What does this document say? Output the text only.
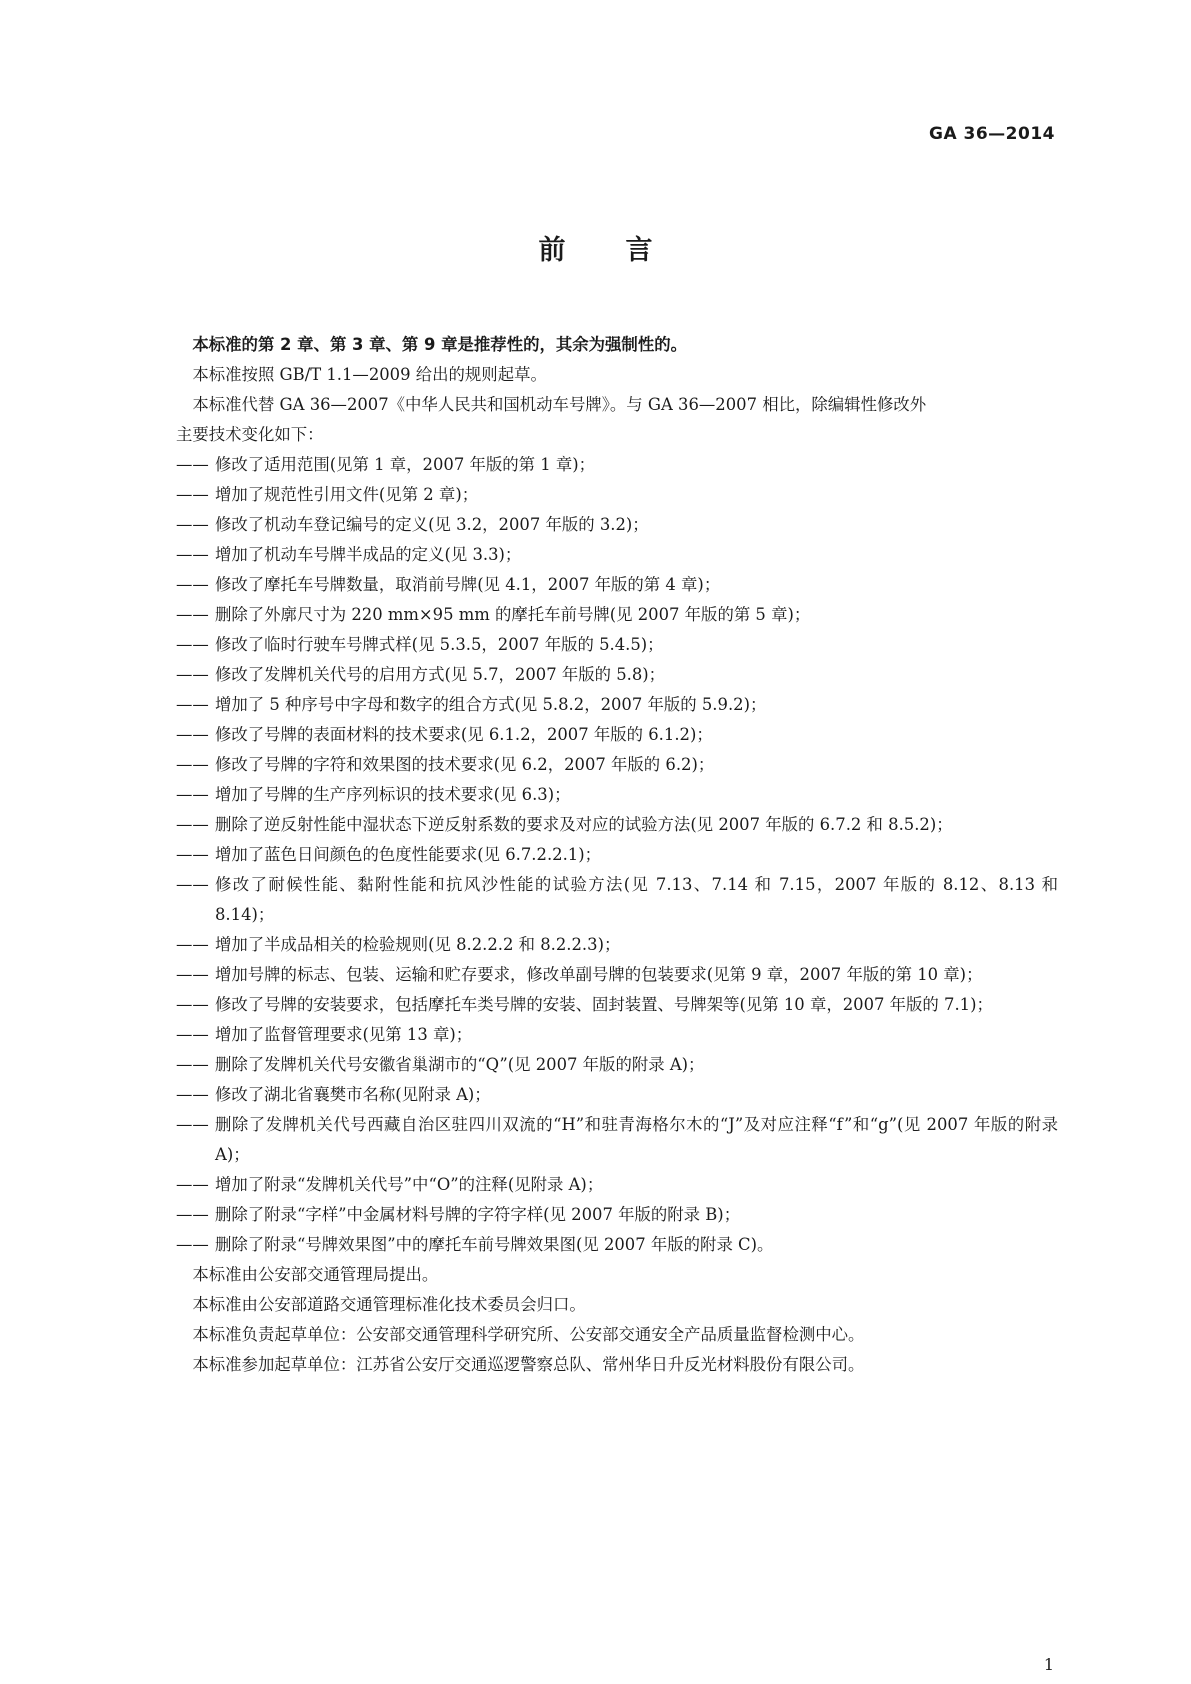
GA 36—2014
前 言

本标准的第 2 章、第 3 章、第 9 章是推荐性的，其余为强制性的。

本标准按照 GB/T 1.1—2009 给出的规则起草。

本标准代替 GA 36—2007《中华人民共和国机动车号牌》。与 GA 36—2007 相比，除编辑性修改外

主要技术变化如下：

—— 修改了适用范围(见第 1 章，2007 年版的第 1 章)；

—— 增加了规范性引用文件(见第 2 章)；

—— 修改了机动车登记编号的定义(见 3.2，2007 年版的 3.2)；

—— 增加了机动车号牌半成品的定义(见 3.3)；

—— 修改了摩托车号牌数量，取消前号牌(见 4.1，2007 年版的第 4 章)；

—— 删除了外廓尺寸为 220 mm×95 mm 的摩托车前号牌(见 2007 年版的第 5 章)；

—— 修改了临时行驶车号牌式样(见 5.3.5，2007 年版的 5.4.5)；

—— 修改了发牌机关代号的启用方式(见 5.7，2007 年版的 5.8)；

—— 增加了 5 种序号中字母和数字的组合方式(见 5.8.2，2007 年版的 5.9.2)；

—— 修改了号牌的表面材料的技术要求(见 6.1.2，2007 年版的 6.1.2)；

—— 修改了号牌的字符和效果图的技术要求(见 6.2，2007 年版的 6.2)；

—— 增加了号牌的生产序列标识的技术要求(见 6.3)；

—— 删除了逆反射性能中湿状态下逆反射系数的要求及对应的试验方法(见 2007 年版的 6.7.2 和 8.5.2)；

—— 增加了蓝色日间颜色的色度性能要求(见 6.7.2.2.1)；

—— 修改了耐候性能、黏附性能和抗风沙性能的试验方法(见 7.13、7.14 和 7.15，2007 年版的 8.12、8.13 和 8.14)；

—— 增加了半成品相关的检验规则(见 8.2.2.2 和 8.2.2.3)；

—— 增加号牌的标志、包装、运输和贮存要求，修改单副号牌的包装要求(见第 9 章，2007 年版的第 10 章)；

—— 修改了号牌的安装要求，包括摩托车类号牌的安装、固封装置、号牌架等(见第 10 章，2007 年版的 7.1)；

—— 增加了监督管理要求(见第 13 章)；

—— 删除了发牌机关代号安徽省巢湖市的“Q”(见 2007 年版的附录 A)；

—— 修改了湖北省襄樊市名称(见附录 A)；

—— 删除了发牌机关代号西藏自治区驻四川双流的“H”和驻青海格尔木的“J”及对应注释“f”和“g”(见 2007 年版的附录 A)；

—— 增加了附录“发牌机关代号”中“O”的注释(见附录 A)；

—— 删除了附录“字样”中金属材料号牌的字符字样(见 2007 年版的附录 B)；

—— 删除了附录“号牌效果图”中的摩托车前号牌效果图(见 2007 年版的附录 C)。

本标准由公安部交通管理局提出。

本标准由公安部道路交通管理标准化技术委员会归口。

本标准负责起草单位：公安部交通管理科学研究所、公安部交通安全产品质量监督检测中心。

本标准参加起草单位：江苏省公安厅交通巡逻警察总队、常州华日升反光材料股份有限公司。

1
